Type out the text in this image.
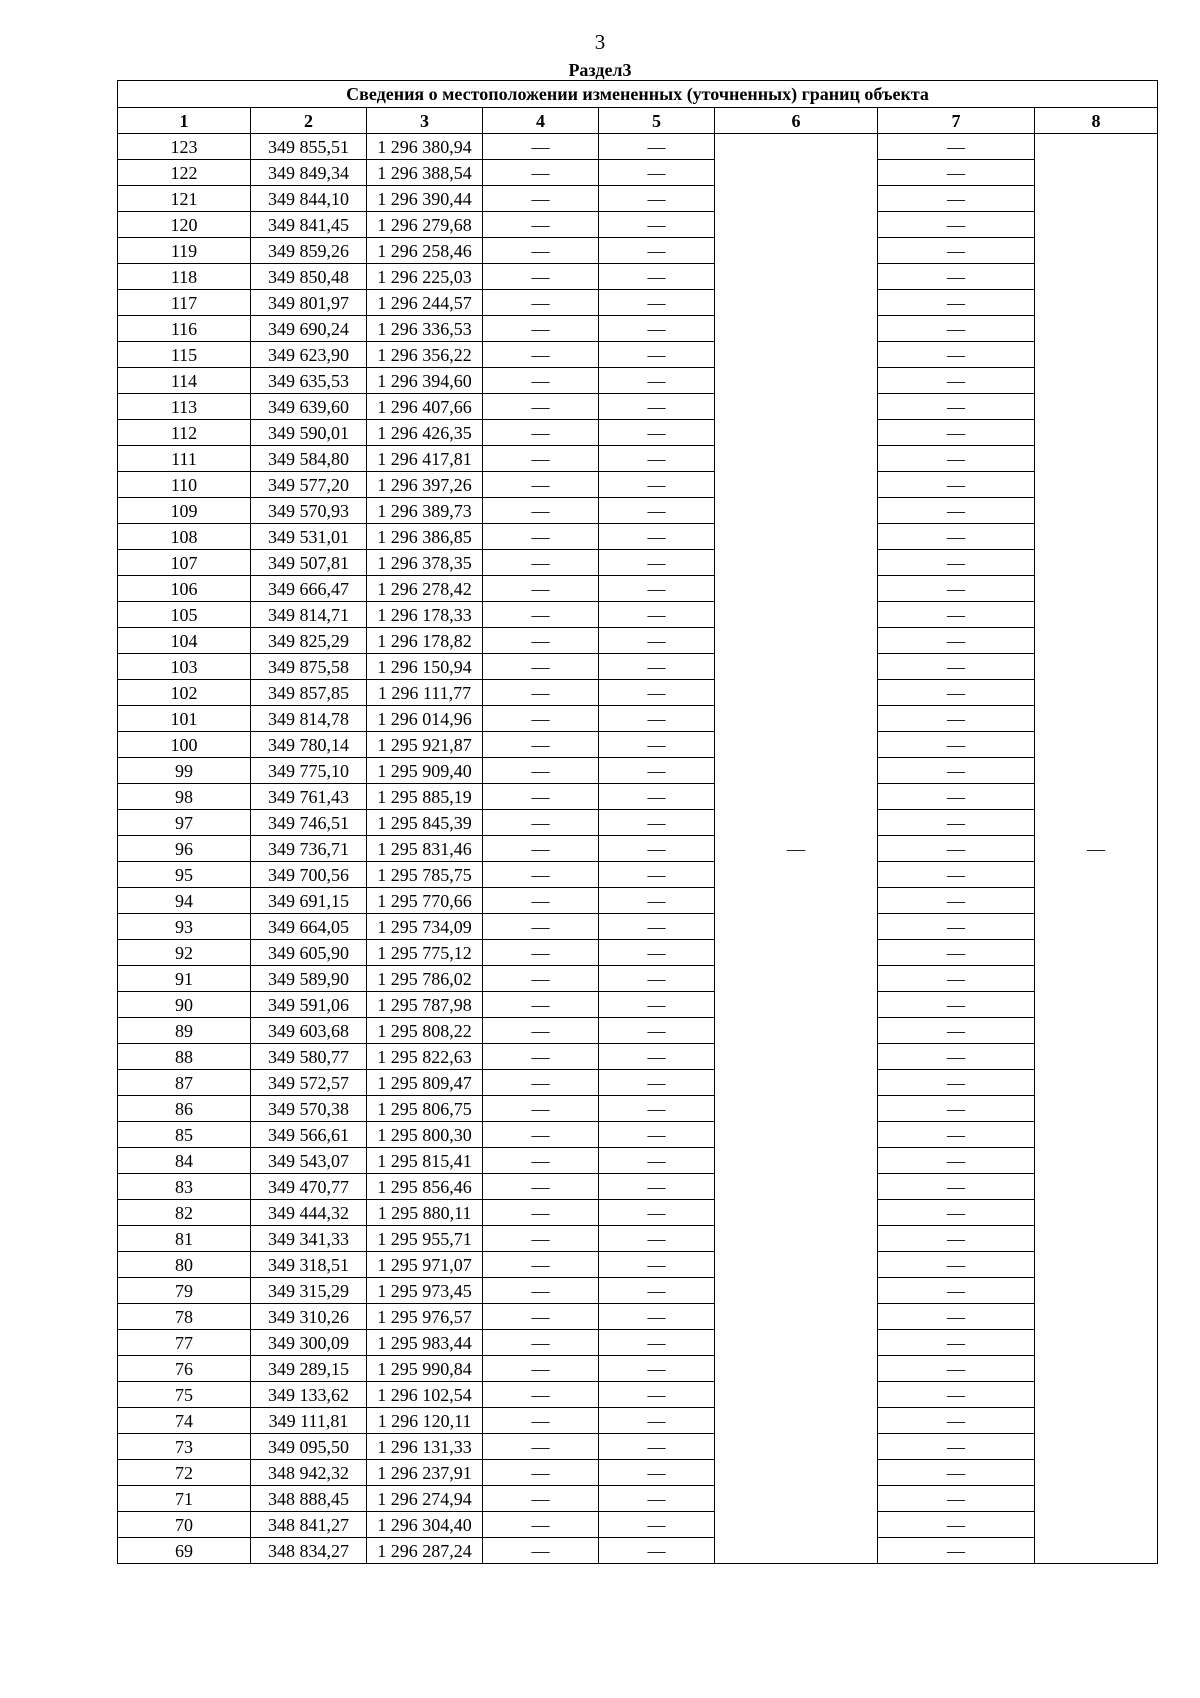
3
Раздел3
Сведения о местоположении измененных (уточненных) границ объекта							
1	2	3	4	5	6	7	8
123	349 855,51	1 296 380,94	—	—	—	—	—
122	349 849,34	1 296 388,54	—	—		—	
121	349 844,10	1 296 390,44	—	—		—	
120	349 841,45	1 296 279,68	—	—		—	
119	349 859,26	1 296 258,46	—	—		—	
118	349 850,48	1 296 225,03	—	—		—	
117	349 801,97	1 296 244,57	—	—		—	
116	349 690,24	1 296 336,53	—	—		—	
115	349 623,90	1 296 356,22	—	—		—	
114	349 635,53	1 296 394,60	—	—		—	
113	349 639,60	1 296 407,66	—	—		—	
112	349 590,01	1 296 426,35	—	—		—	
111	349 584,80	1 296 417,81	—	—		—	
110	349 577,20	1 296 397,26	—	—		—	
109	349 570,93	1 296 389,73	—	—		—	
108	349 531,01	1 296 386,85	—	—		—	
107	349 507,81	1 296 378,35	—	—		—	
106	349 666,47	1 296 278,42	—	—		—	
105	349 814,71	1 296 178,33	—	—		—	
104	349 825,29	1 296 178,82	—	—		—	
103	349 875,58	1 296 150,94	—	—		—	
102	349 857,85	1 296 111,77	—	—		—	
101	349 814,78	1 296 014,96	—	—		—	
100	349 780,14	1 295 921,87	—	—		—	
99	349 775,10	1 295 909,40	—	—		—	
98	349 761,43	1 295 885,19	—	—		—	
97	349 746,51	1 295 845,39	—	—		—	
96	349 736,71	1 295 831,46	—	—		—	
95	349 700,56	1 295 785,75	—	—		—	
94	349 691,15	1 295 770,66	—	—		—	
93	349 664,05	1 295 734,09	—	—		—	
92	349 605,90	1 295 775,12	—	—		—	
91	349 589,90	1 295 786,02	—	—		—	
90	349 591,06	1 295 787,98	—	—		—	
89	349 603,68	1 295 808,22	—	—		—	
88	349 580,77	1 295 822,63	—	—		—	
87	349 572,57	1 295 809,47	—	—		—	
86	349 570,38	1 295 806,75	—	—		—	
85	349 566,61	1 295 800,30	—	—		—	
84	349 543,07	1 295 815,41	—	—		—	
83	349 470,77	1 295 856,46	—	—		—	
82	349 444,32	1 295 880,11	—	—		—	
81	349 341,33	1 295 955,71	—	—		—	
80	349 318,51	1 295 971,07	—	—		—	
79	349 315,29	1 295 973,45	—	—		—	
78	349 310,26	1 295 976,57	—	—		—	
77	349 300,09	1 295 983,44	—	—		—	
76	349 289,15	1 295 990,84	—	—		—	
75	349 133,62	1 296 102,54	—	—		—	
74	349 111,81	1 296 120,11	—	—		—	
73	349 095,50	1 296 131,33	—	—		—	
72	348 942,32	1 296 237,91	—	—		—	
71	348 888,45	1 296 274,94	—	—		—	
70	348 841,27	1 296 304,40	—	—		—	
69	348 834,27	1 296 287,24	—	—		—	
